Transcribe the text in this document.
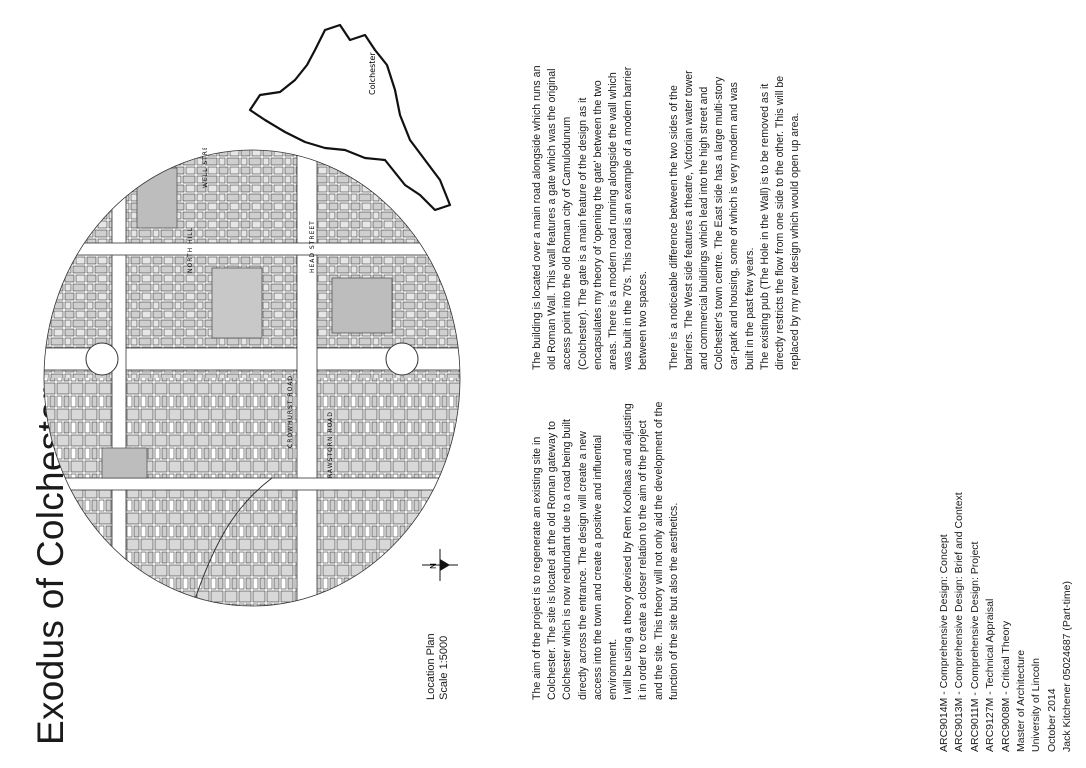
Exodus of Colchester	Location Plan Scale 1:5000
NORTH HILL	HEAD STREET
CROWHURST ROAD	RAWSTORN ROAD
WELL STREET
Colchester
N	The aim of the project is to regenerate an existing site in Colchester. The site is located at the old Roman gateway to Colchester which is now redundant due to a road being built directly across the entrance. The design will create a new access into the town and create a positive and influential environment. I will be using a theory devised by Rem Koolhaas and adjusting it in order to create a closer relation to the aim of the project and the site. This theory will not only aid the development of the function of the site but also the aesthetics.
The building is located over a main road alongside which runs an old Roman Wall. This wall features a gate which was the original access point into the old Roman city of Camulodunum (Colchester). The gate is a main feature of the design as it encapsulates my theory of 'opening the gate' between the two areas. There is a modern road running alongside the wall which was built in the 70's. This road is an example of a modern barrier between two spaces. There is a noticeable difference between the two sides of the barriers. The West side features a theatre, Victorian water tower and commercial buildings which lead into the high street and Colchester's town centre. The East side has a large multi-story car-park and housing, some of which is very modern and was built in the past few years. The existing pub (The Hole in the Wall) is to be removed as it directly restricts the flow from one side to the other. This will be replaced by my new design which would open up area.
ARC9014M - Comprehensive Design: Concept ARC9013M - Comprehensive Design: Brief and Context ARC9011M - Comprehensive Design: Project ARC9127M - Technical Appraisal ARC9008M - Critical Theory Master of Architecture University of Lincoln October 2014 Jack Kitchener 05024687 (Part-time)
